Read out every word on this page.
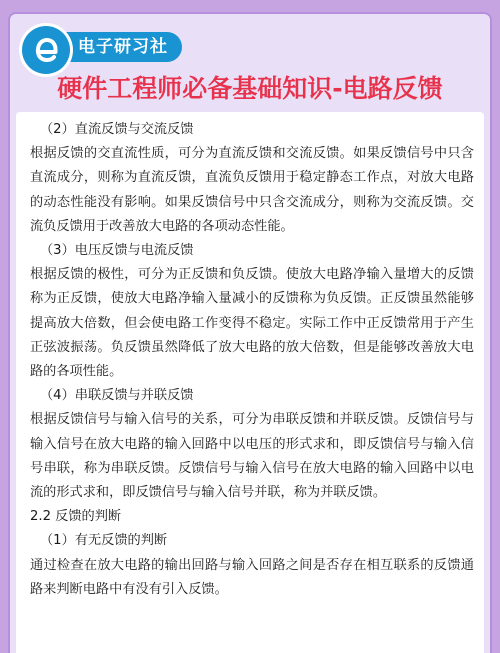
电子研习社
硬件工程师必备基础知识-电路反馈

（2）直流反馈与交流反馈

根据反馈的交直流性质，可分为直流反馈和交流反馈。如果反馈信号中只含直流成分，则称为直流反馈，直流负反馈用于稳定静态工作点，对放大电路的动态性能没有影响。如果反馈信号中只含交流成分，则称为交流反馈。交流负反馈用于改善放大电路的各项动态性能。

（3）电压反馈与电流反馈

根据反馈的极性，可分为正反馈和负反馈。使放大电路净输入量增大的反馈称为正反馈，使放大电路净输入量减小的反馈称为负反馈。正反馈虽然能够提高放大倍数，但会使电路工作变得不稳定。实际工作中正反馈常用于产生正弦波振荡。负反馈虽然降低了放大电路的放大倍数，但是能够改善放大电路的各项性能。

（4）串联反馈与并联反馈

根据反馈信号与输入信号的关系，可分为串联反馈和并联反馈。反馈信号与输入信号在放大电路的输入回路中以电压的形式求和，即反馈信号与输入信号串联，称为串联反馈。反馈信号与输入信号在放大电路的输入回路中以电流的形式求和，即反馈信号与输入信号并联，称为并联反馈。

2.2 反馈的判断

（1）有无反馈的判断

通过检查在放大电路的输出回路与输入回路之间是否存在相互联系的反馈通路来判断电路中有没有引入反馈。
